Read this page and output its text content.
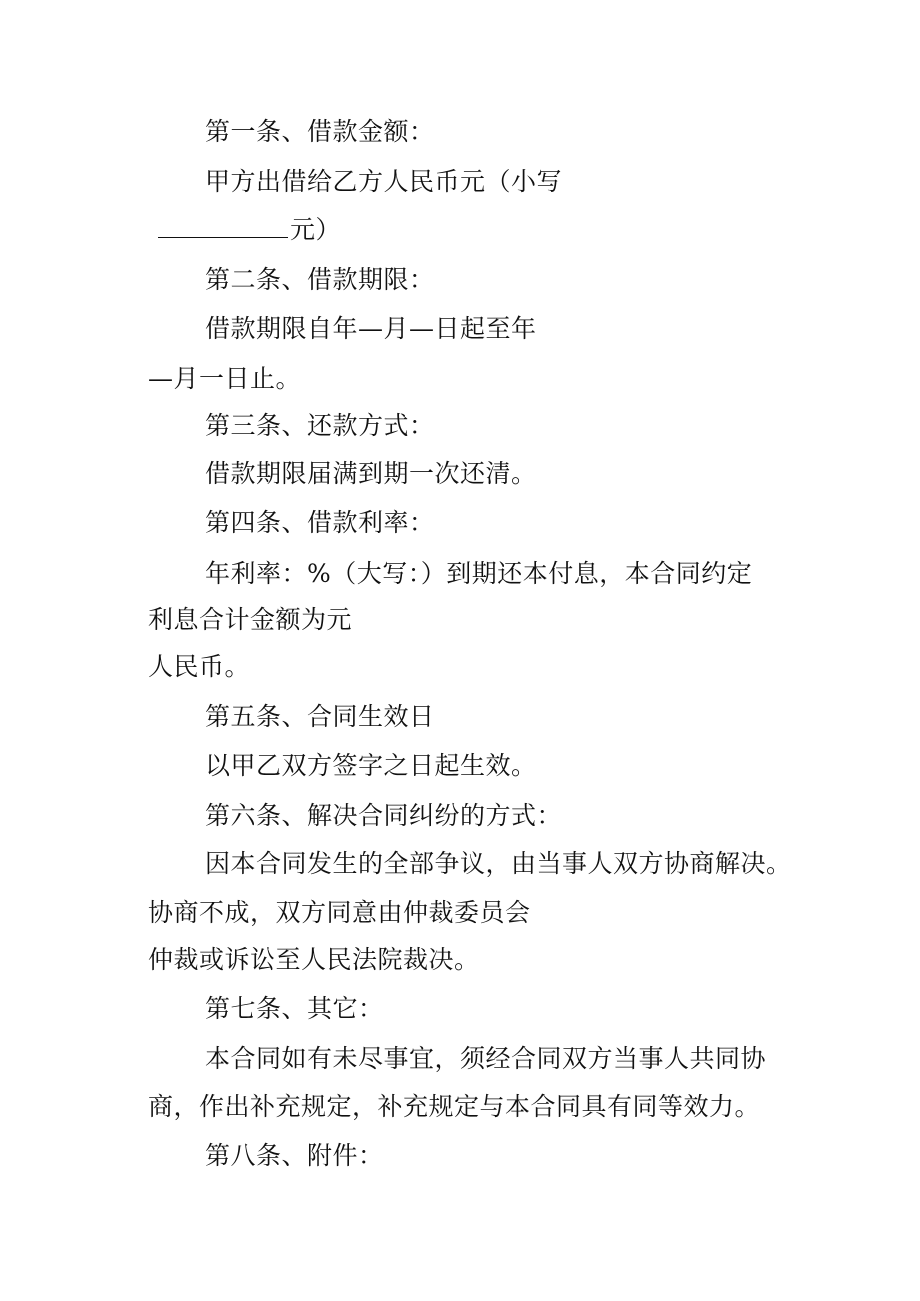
第一条、借款金额：
甲方出借给乙方人民币元（小写
元）
第二条、借款期限：
借款期限自年—月—日起至年
—月一日止。
第三条、还款方式：
借款期限届满到期一次还清。
第四条、借款利率：
年利率：%（大写：）到期还本付息，本合同约定
利息合计金额为元
人民币。
第五条、合同生效日
以甲乙双方签字之日起生效。
第六条、解决合同纠纷的方式：
因本合同发生的全部争议，由当事人双方协商解决。
协商不成，双方同意由仲裁委员会
仲裁或诉讼至人民法院裁决。
第七条、其它：
本合同如有未尽事宜，须经合同双方当事人共同协
商，作出补充规定，补充规定与本合同具有同等效力。
第八条、附件：
